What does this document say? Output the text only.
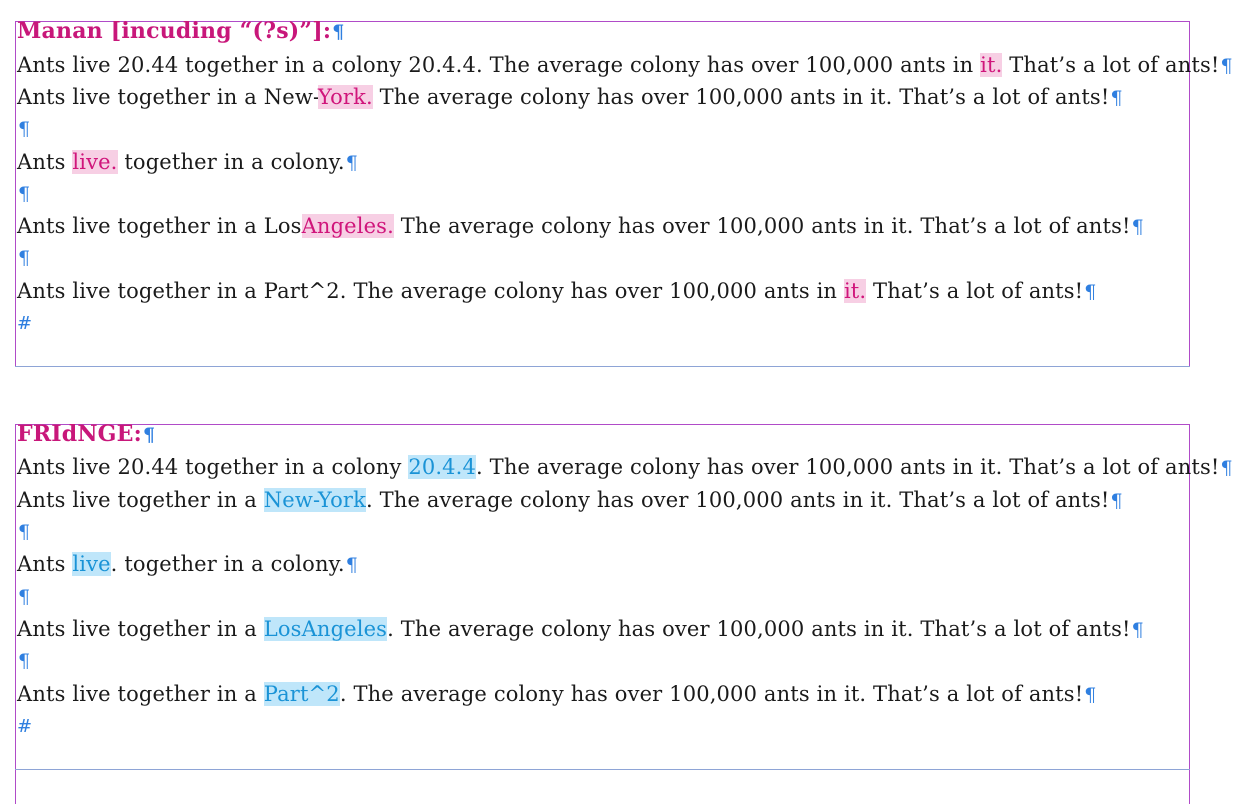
Manan [incuding “(?s)”]:¶
Ants live 20.44 together in a colony 20.4.4. The average colony has over 100,000 ants in it. That’s a lot of ants!¶
Ants live together in a New-York. The average colony has over 100,000 ants in it. That’s a lot of ants!¶
¶
Ants live. together in a colony.¶
¶
Ants live together in a LosAngeles. The average colony has over 100,000 ants in it. That’s a lot of ants!¶
¶
Ants live together in a Part^2. The average colony has over 100,000 ants in it. That’s a lot of ants!¶
#
FRIdNGE:¶
Ants live 20.44 together in a colony 20.4.4. The average colony has over 100,000 ants in it. That’s a lot of ants!¶
Ants live together in a New-York. The average colony has over 100,000 ants in it. That’s a lot of ants!¶
¶
Ants live. together in a colony.¶
¶
Ants live together in a LosAngeles. The average colony has over 100,000 ants in it. That’s a lot of ants!¶
¶
Ants live together in a Part^2. The average colony has over 100,000 ants in it. That’s a lot of ants!¶
#
